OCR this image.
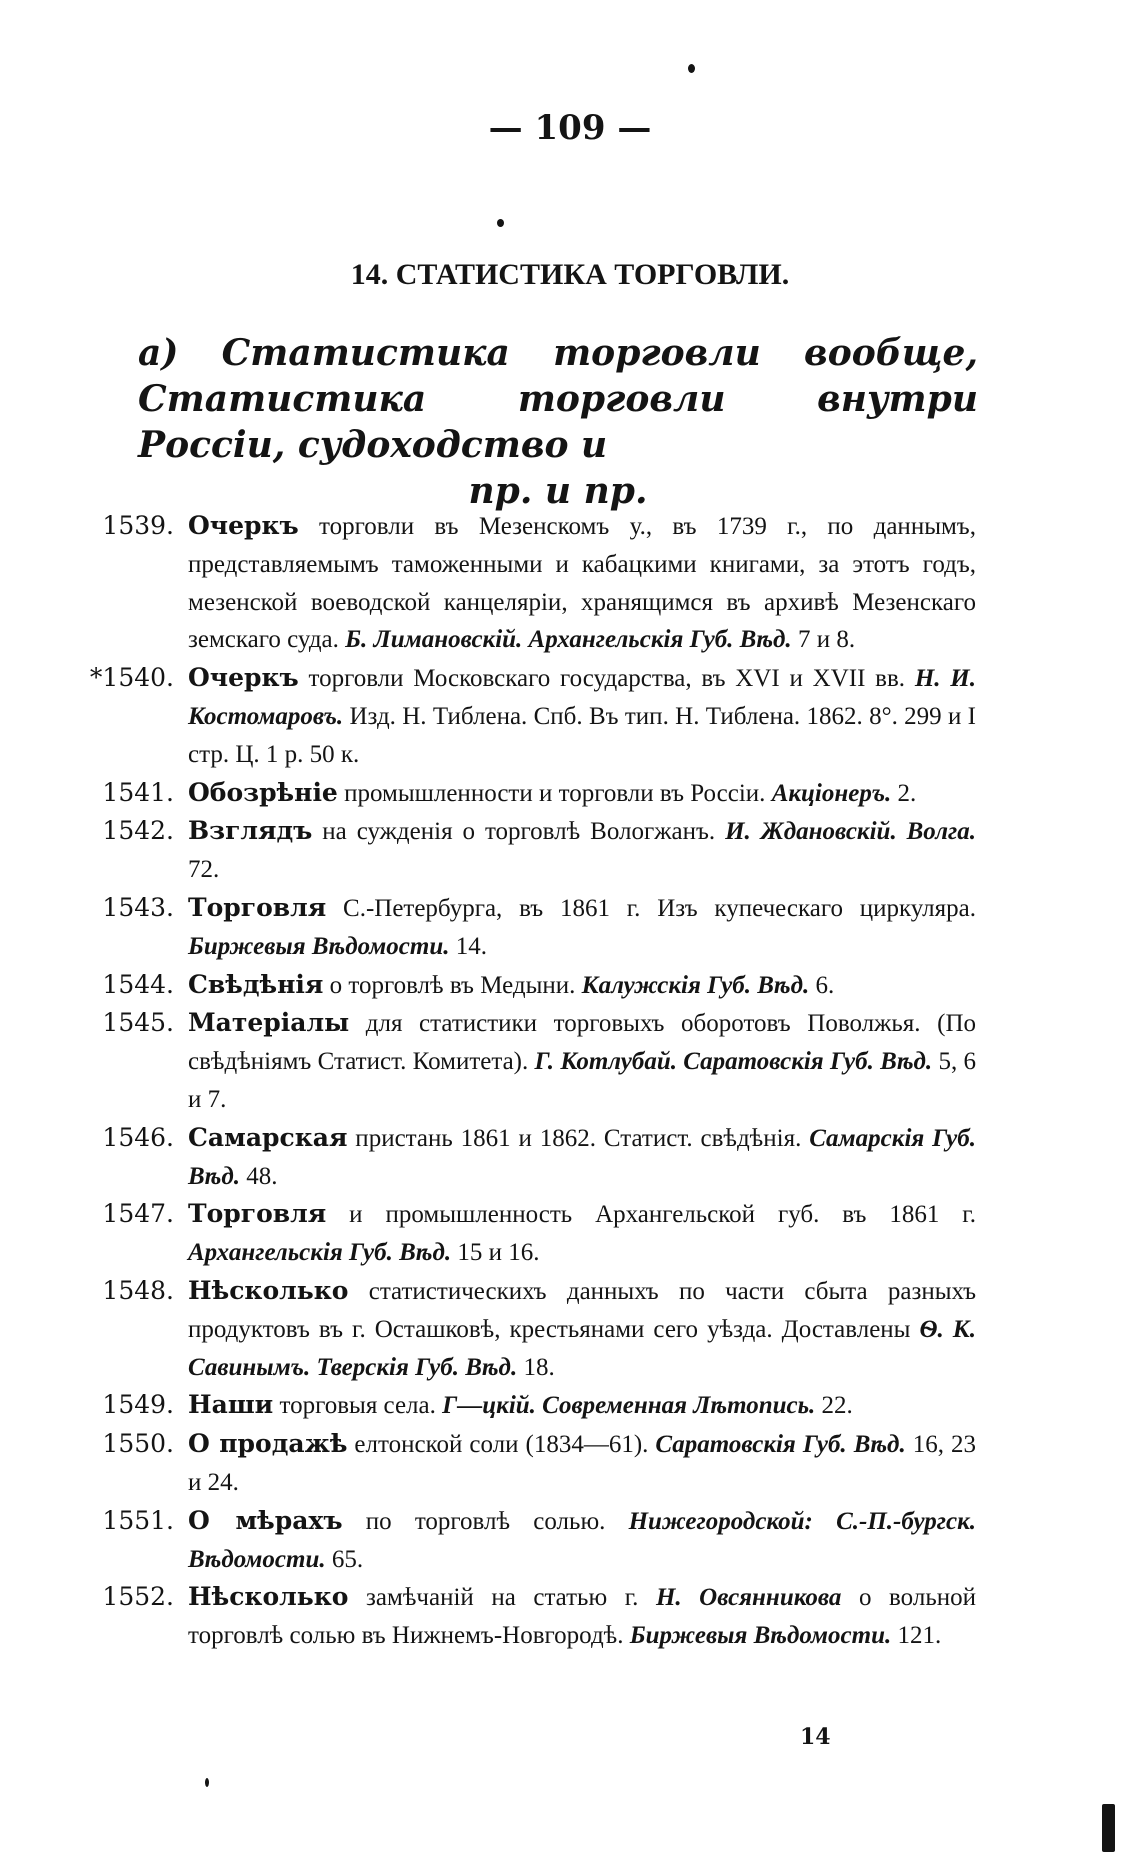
— 109 —
14. СТАТИСТИКА ТОРГОВЛИ.
а) Статистика торговли вообще, Статистика торговли внутри Россіи, судоходство и
пр. и пр.
1539. Очеркъ торговли въ Мезенскомъ у., въ 1739 г., по даннымъ, представляемымъ таможенными и кабацкими книгами, за этотъ годъ, мезенской воеводской канцеляріи, хранящимся въ архивѣ Мезенскаго земскаго суда. Б. Лимановскій. Архангельскія Губ. Вѣд. 7 и 8.
*1540. Очеркъ торговли Московскаго государства, въ XVI и XVII вв. Н. И. Костомаровъ. Изд. Н. Тиблена. Спб. Въ тип. Н. Тиблена. 1862. 8°. 299 и I стр. Ц. 1 р. 50 к.
1541. Обозрѣніе промышленности и торговли въ Россіи. Акціонеръ. 2.
1542. Взглядъ на сужденія о торговлѣ Вологжанъ. И. Ждановскій. Волга. 72.
1543. Торговля С.-Петербурга, въ 1861 г. Изъ купеческаго циркуляра. Биржевыя Вѣдомости. 14.
1544. Свѣдѣнія о торговлѣ въ Медыни. Калужскія Губ. Вѣд. 6.
1545. Матеріалы для статистики торговыхъ оборотовъ Поволжья. (По свѣдѣніямъ Статист. Комитета). Г. Котлубай. Саратовскія Губ. Вѣд. 5, 6 и 7.
1546. Самарская пристань 1861 и 1862. Статист. свѣдѣнія. Самарскія Губ. Вѣд. 48.
1547. Торговля и промышленность Архангельской губ. въ 1861 г. Архангельскія Губ. Вѣд. 15 и 16.
1548. Нѣсколько статистическихъ данныхъ по части сбыта разныхъ продуктовъ въ г. Осташковѣ, крестьянами сего уѣзда. Доставлены Ѳ. К. Савинымъ. Тверскія Губ. Вѣд. 18.
1549. Наши торговыя села. Г—цкій. Современная Лѣтопись. 22.
1550. О продажѣ елтонской соли (1834—61). Саратовскія Губ. Вѣд. 16, 23 и 24.
1551. О мѣрахъ по торговлѣ солью. Нижегородской: С.-П.-бургск. Вѣдомости. 65.
1552. Нѣсколько замѣчаній на статью г. Н. Овсянникова о вольной торговлѣ солью въ Нижнемъ-Новгородѣ. Биржевыя Вѣдомости. 121.
14
